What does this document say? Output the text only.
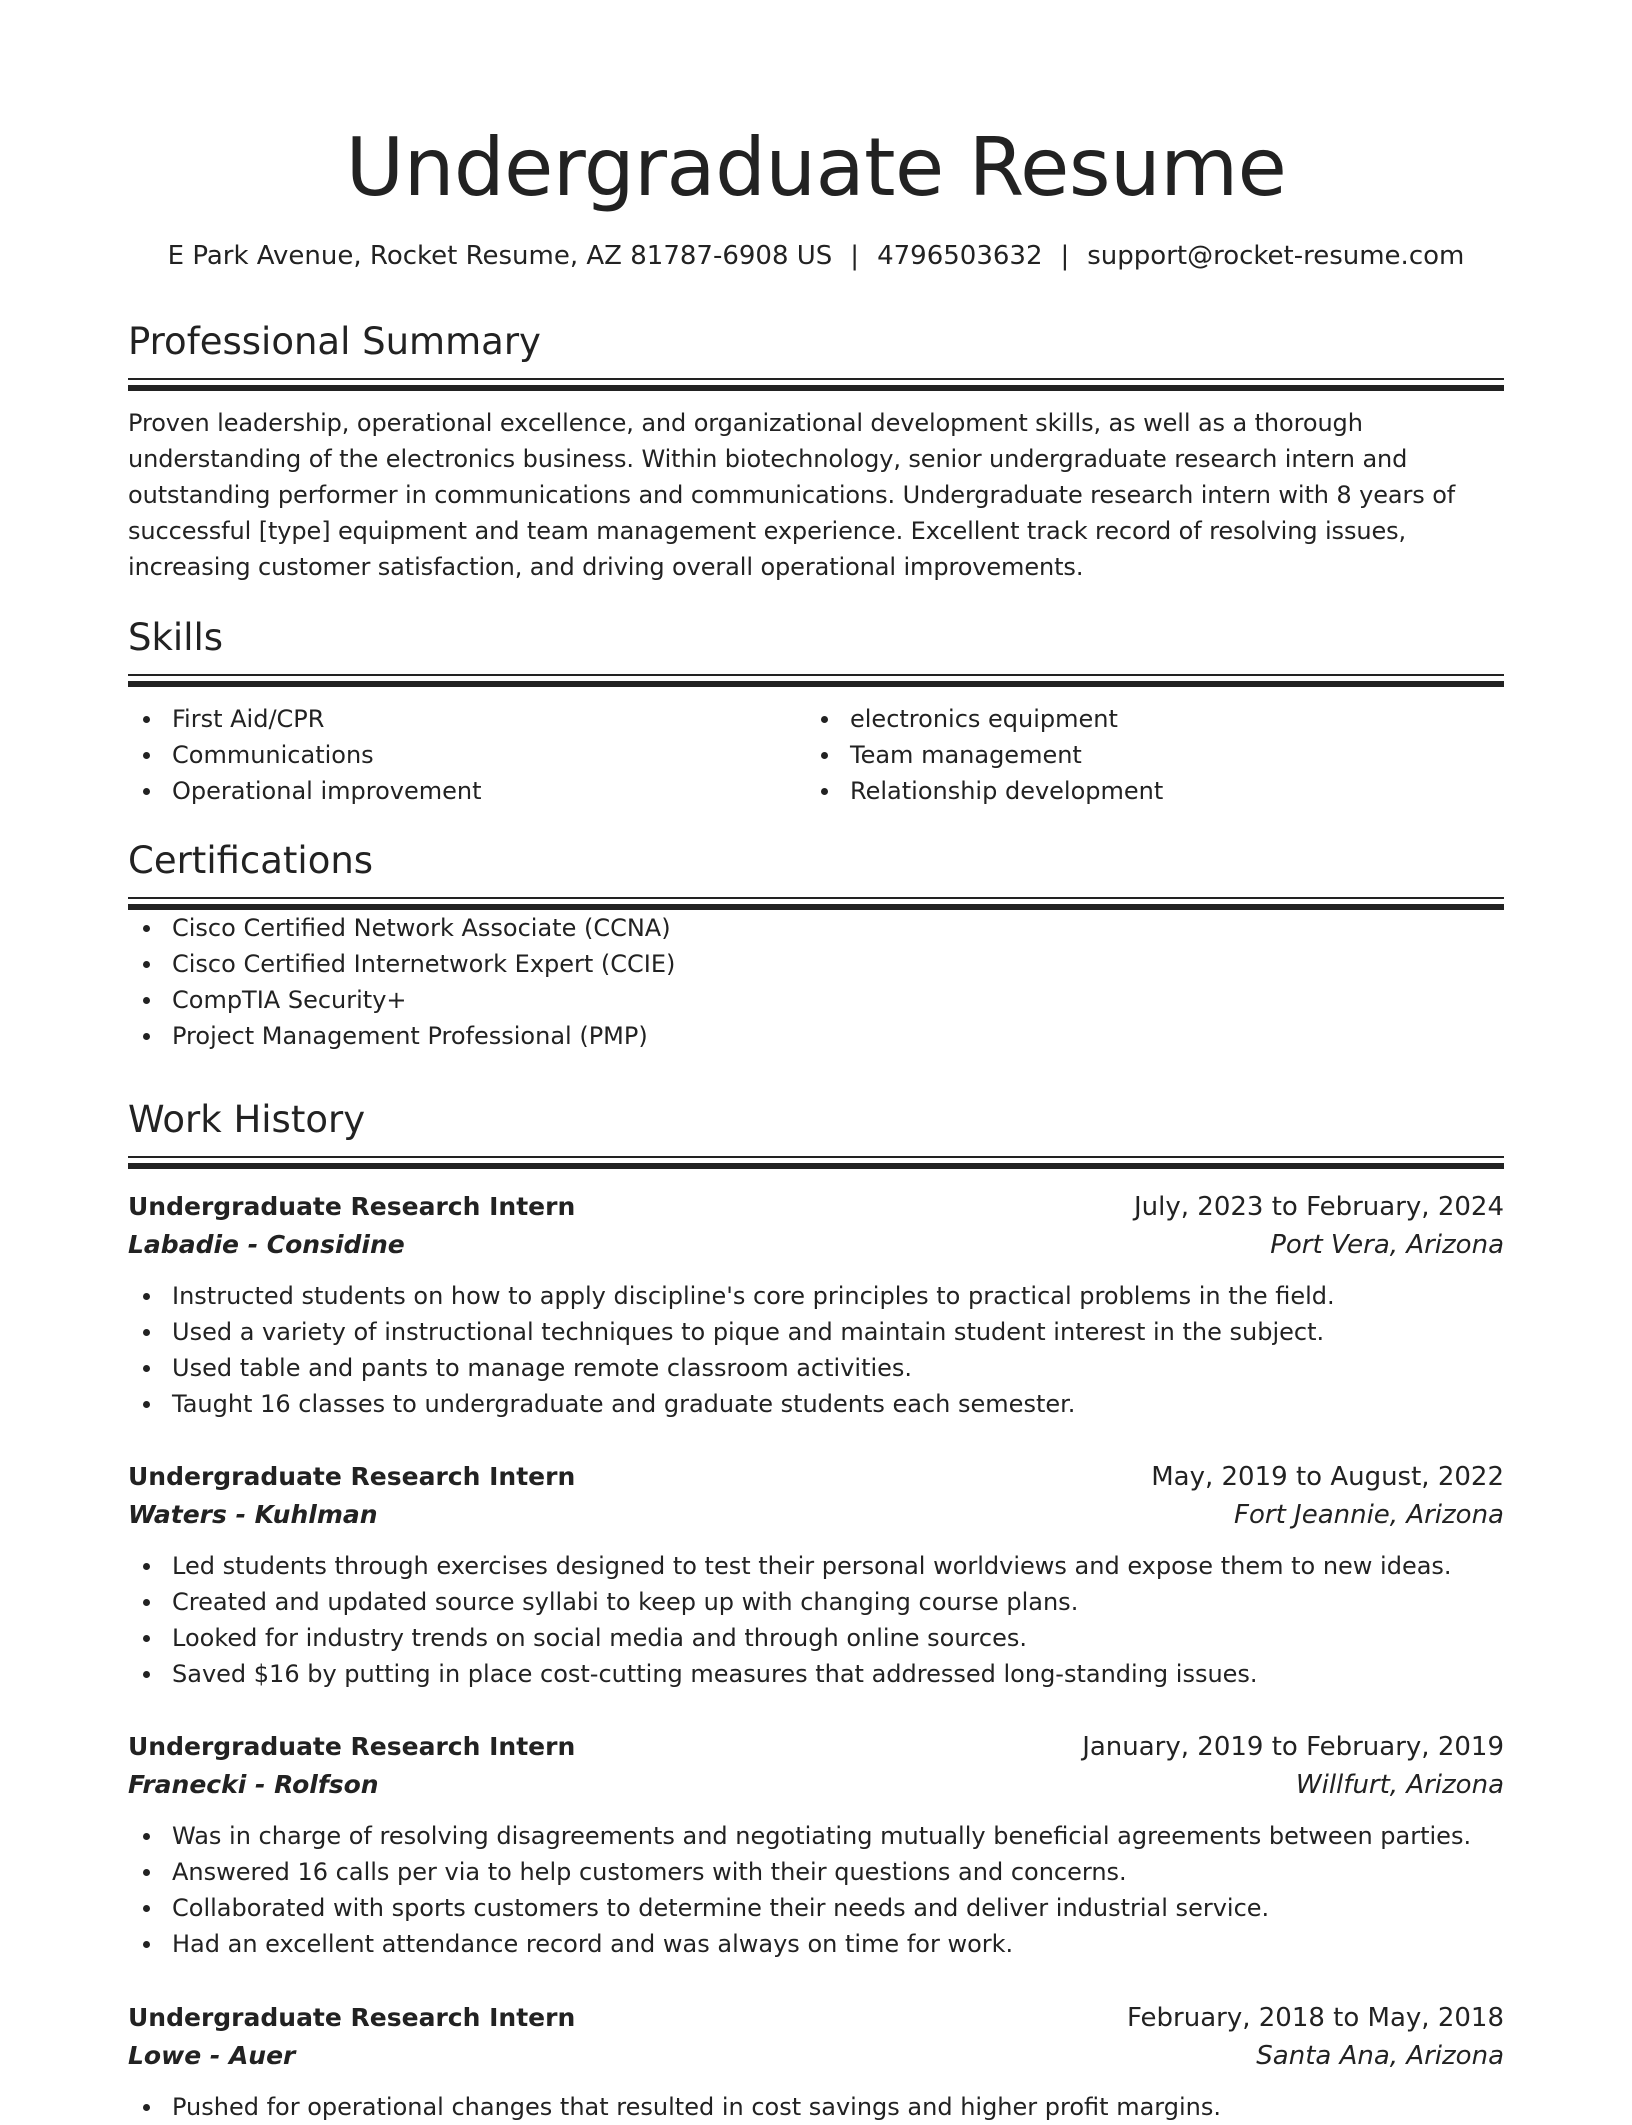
Undergraduate Resume
E Park Avenue, Rocket Resume, AZ 81787-6908 US | 4796503632 | support@rocket-resume.com
Professional Summary

Proven leadership, operational excellence, and organizational development skills, as well as a thorough understanding of the electronics business. Within biotechnology, senior undergraduate research intern and outstanding performer in communications and communications. Undergraduate research intern with 8 years of successful [type] equipment and team management experience. Excellent track record of resolving issues, increasing customer satisfaction, and driving overall operational improvements.

Skills
First Aid/CPR
Communications
Operational improvement
electronics equipment
Team management
Relationship development
Certifications
Cisco Certified Network Associate (CCNA)
Cisco Certified Internetwork Expert (CCIE)
CompTIA Security+
Project Management Professional (PMP)
Work History
Undergraduate Research Intern	July, 2023 to February, 2024
Labadie - Considine	Port Vera, Arizona
Instructed students on how to apply discipline's core principles to practical problems in the field.
Used a variety of instructional techniques to pique and maintain student interest in the subject.
Used table and pants to manage remote classroom activities.
Taught 16 classes to undergraduate and graduate students each semester.
Undergraduate Research Intern	May, 2019 to August, 2022
Waters - Kuhlman	Fort Jeannie, Arizona
Led students through exercises designed to test their personal worldviews and expose them to new ideas.
Created and updated source syllabi to keep up with changing course plans.
Looked for industry trends on social media and through online sources.
Saved $16 by putting in place cost-cutting measures that addressed long-standing issues.
Undergraduate Research Intern	January, 2019 to February, 2019
Franecki - Rolfson	Willfurt, Arizona
Was in charge of resolving disagreements and negotiating mutually beneficial agreements between parties.
Answered 16 calls per via to help customers with their questions and concerns.
Collaborated with sports customers to determine their needs and deliver industrial service.
Had an excellent attendance record and was always on time for work.
Undergraduate Research Intern	February, 2018 to May, 2018
Lowe - Auer	Santa Ana, Arizona
Pushed for operational changes that resulted in cost savings and higher profit margins.
